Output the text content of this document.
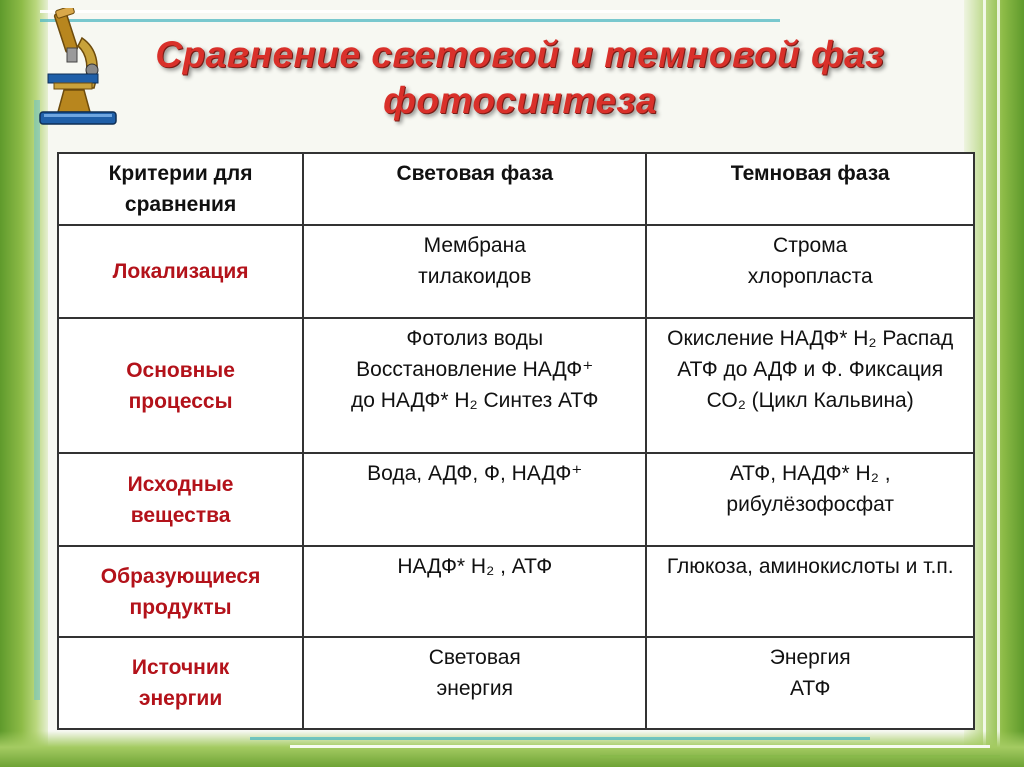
Сравнение световой и темновой фаз
фотосинтеза
Критерии для сравнения	Световая фаза	Темновая фаза
Локализация	Мембрана тилакоидов	Строма хлоропласта

Основные процессы	Фотолиз воды Восстановление НАДФ⁺ до НАДФ* H₂ Синтез АТФ	Окисление НАДФ* H₂ Распад АТФ до АДФ и Ф. Фиксация СО₂ (Цикл Кальвина)

Исходные вещества	Вода, АДФ, Ф, НАДФ⁺	АТФ, НАДФ* H₂ , рибулёзофосфат

Образующиеся продукты	НАДФ* H₂ , АТФ	Глюкоза, аминокислоты и т.п.

Источник энергии	Световая энергия	Энергия АТФ
